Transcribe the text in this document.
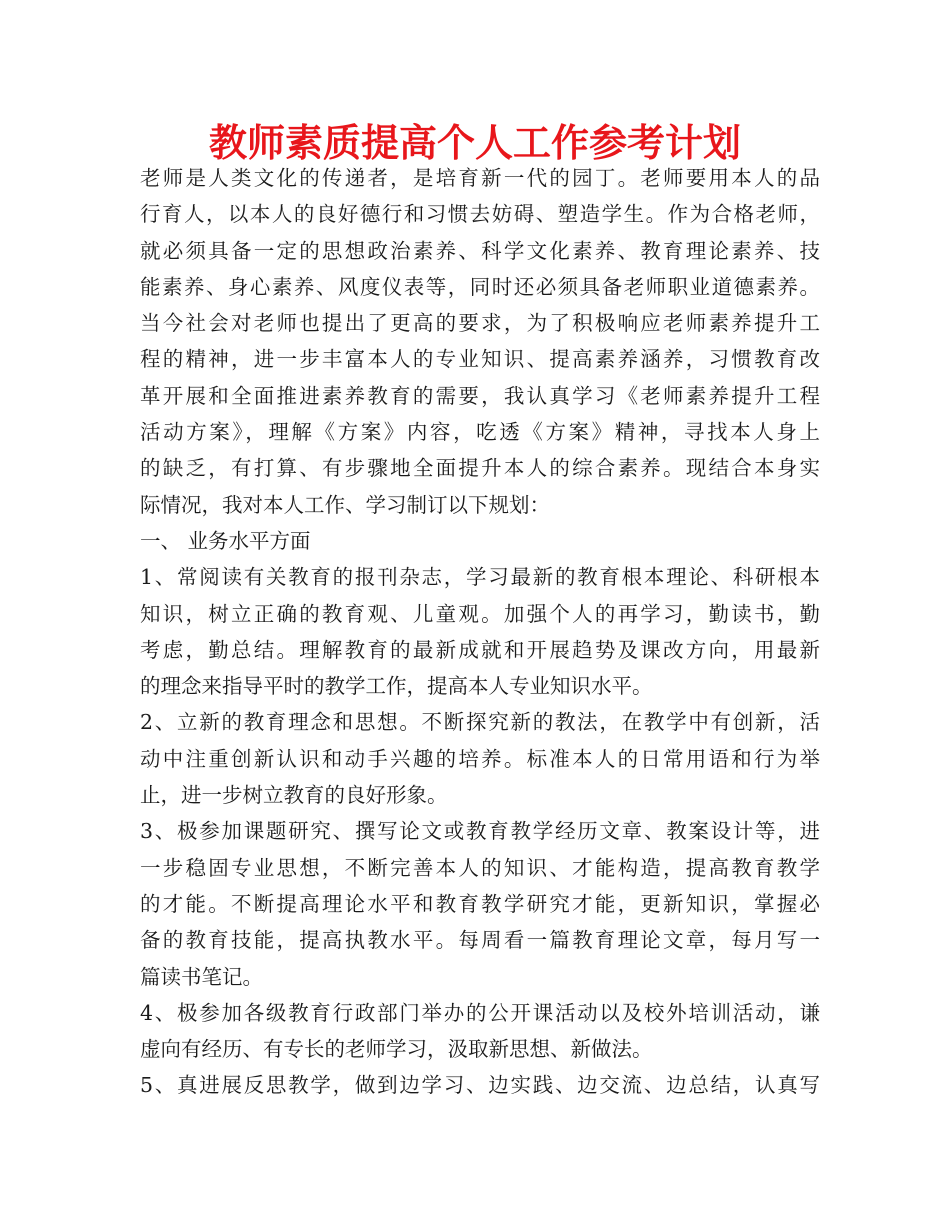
教师素质提高个人工作参考计划
老师是人类文化的传递者，是培育新一代的园丁。老师要用本人的品
行育人，以本人的良好德行和习惯去妨碍、塑造学生。作为合格老师，
就必须具备一定的思想政治素养、科学文化素养、教育理论素养、技
能素养、身心素养、风度仪表等，同时还必须具备老师职业道德素养。
当今社会对老师也提出了更高的要求，为了积极响应老师素养提升工
程的精神，进一步丰富本人的专业知识、提高素养涵养，习惯教育改
革开展和全面推进素养教育的需要，我认真学习《老师素养提升工程
活动方案》，理解《方案》内容，吃透《方案》精神，寻找本人身上
的缺乏，有打算、有步骤地全面提升本人的综合素养。现结合本身实
际情况，我对本人工作、学习制订以下规划：
一、 业务水平方面
1、常阅读有关教育的报刊杂志，学习最新的教育根本理论、科研根本
知识，树立正确的教育观、儿童观。加强个人的再学习，勤读书，勤
考虑，勤总结。理解教育的最新成就和开展趋势及课改方向，用最新
的理念来指导平时的教学工作，提高本人专业知识水平。
2、立新的教育理念和思想。不断探究新的教法，在教学中有创新，活
动中注重创新认识和动手兴趣的培养。标准本人的日常用语和行为举
止，进一步树立教育的良好形象。
3、极参加课题研究、撰写论文或教育教学经历文章、教案设计等，进
一步稳固专业思想，不断完善本人的知识、才能构造，提高教育教学
的才能。不断提高理论水平和教育教学研究才能，更新知识，掌握必
备的教育技能，提高执教水平。每周看一篇教育理论文章，每月写一
篇读书笔记。
4、极参加各级教育行政部门举办的公开课活动以及校外培训活动，谦
虚向有经历、有专长的老师学习，汲取新思想、新做法。
5、真进展反思教学，做到边学习、边实践、边交流、边总结，认真写
